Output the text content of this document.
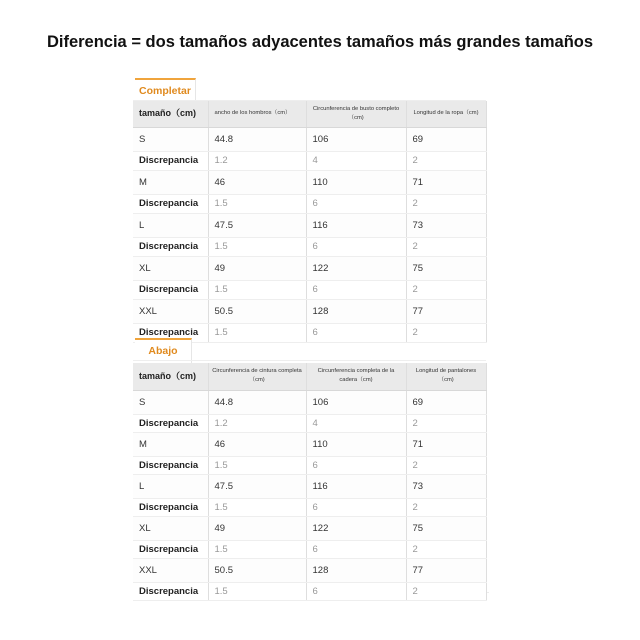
Diferencia = dos tamaños adyacentes tamaños más grandes tamaños
Completar
tamaño（cm)	ancho de los hombros（cm）	Circunferencia de busto completo（cm)	Longitud de la ropa（cm)
S	44.8	106	69
Discrepancia	1.2	4	2
M	46	110	71
Discrepancia	1.5	6	2
L	47.5	116	73
Discrepancia	1.5	6	2
XL	49	122	75
Discrepancia	1.5	6	2
XXL	50.5	128	77
Discrepancia	1.5	6	2
Abajo
tamaño（cm)	Circunferencia de cintura completa（cm)	Circunferencia completa de la cadera（cm)	Longitud de pantalones（cm)
S	44.8	106	69
Discrepancia	1.2	4	2
M	46	110	71
Discrepancia	1.5	6	2
L	47.5	116	73
Discrepancia	1.5	6	2
XL	49	122	75
Discrepancia	1.5	6	2
XXL	50.5	128	77
Discrepancia	1.5	6	2	·
